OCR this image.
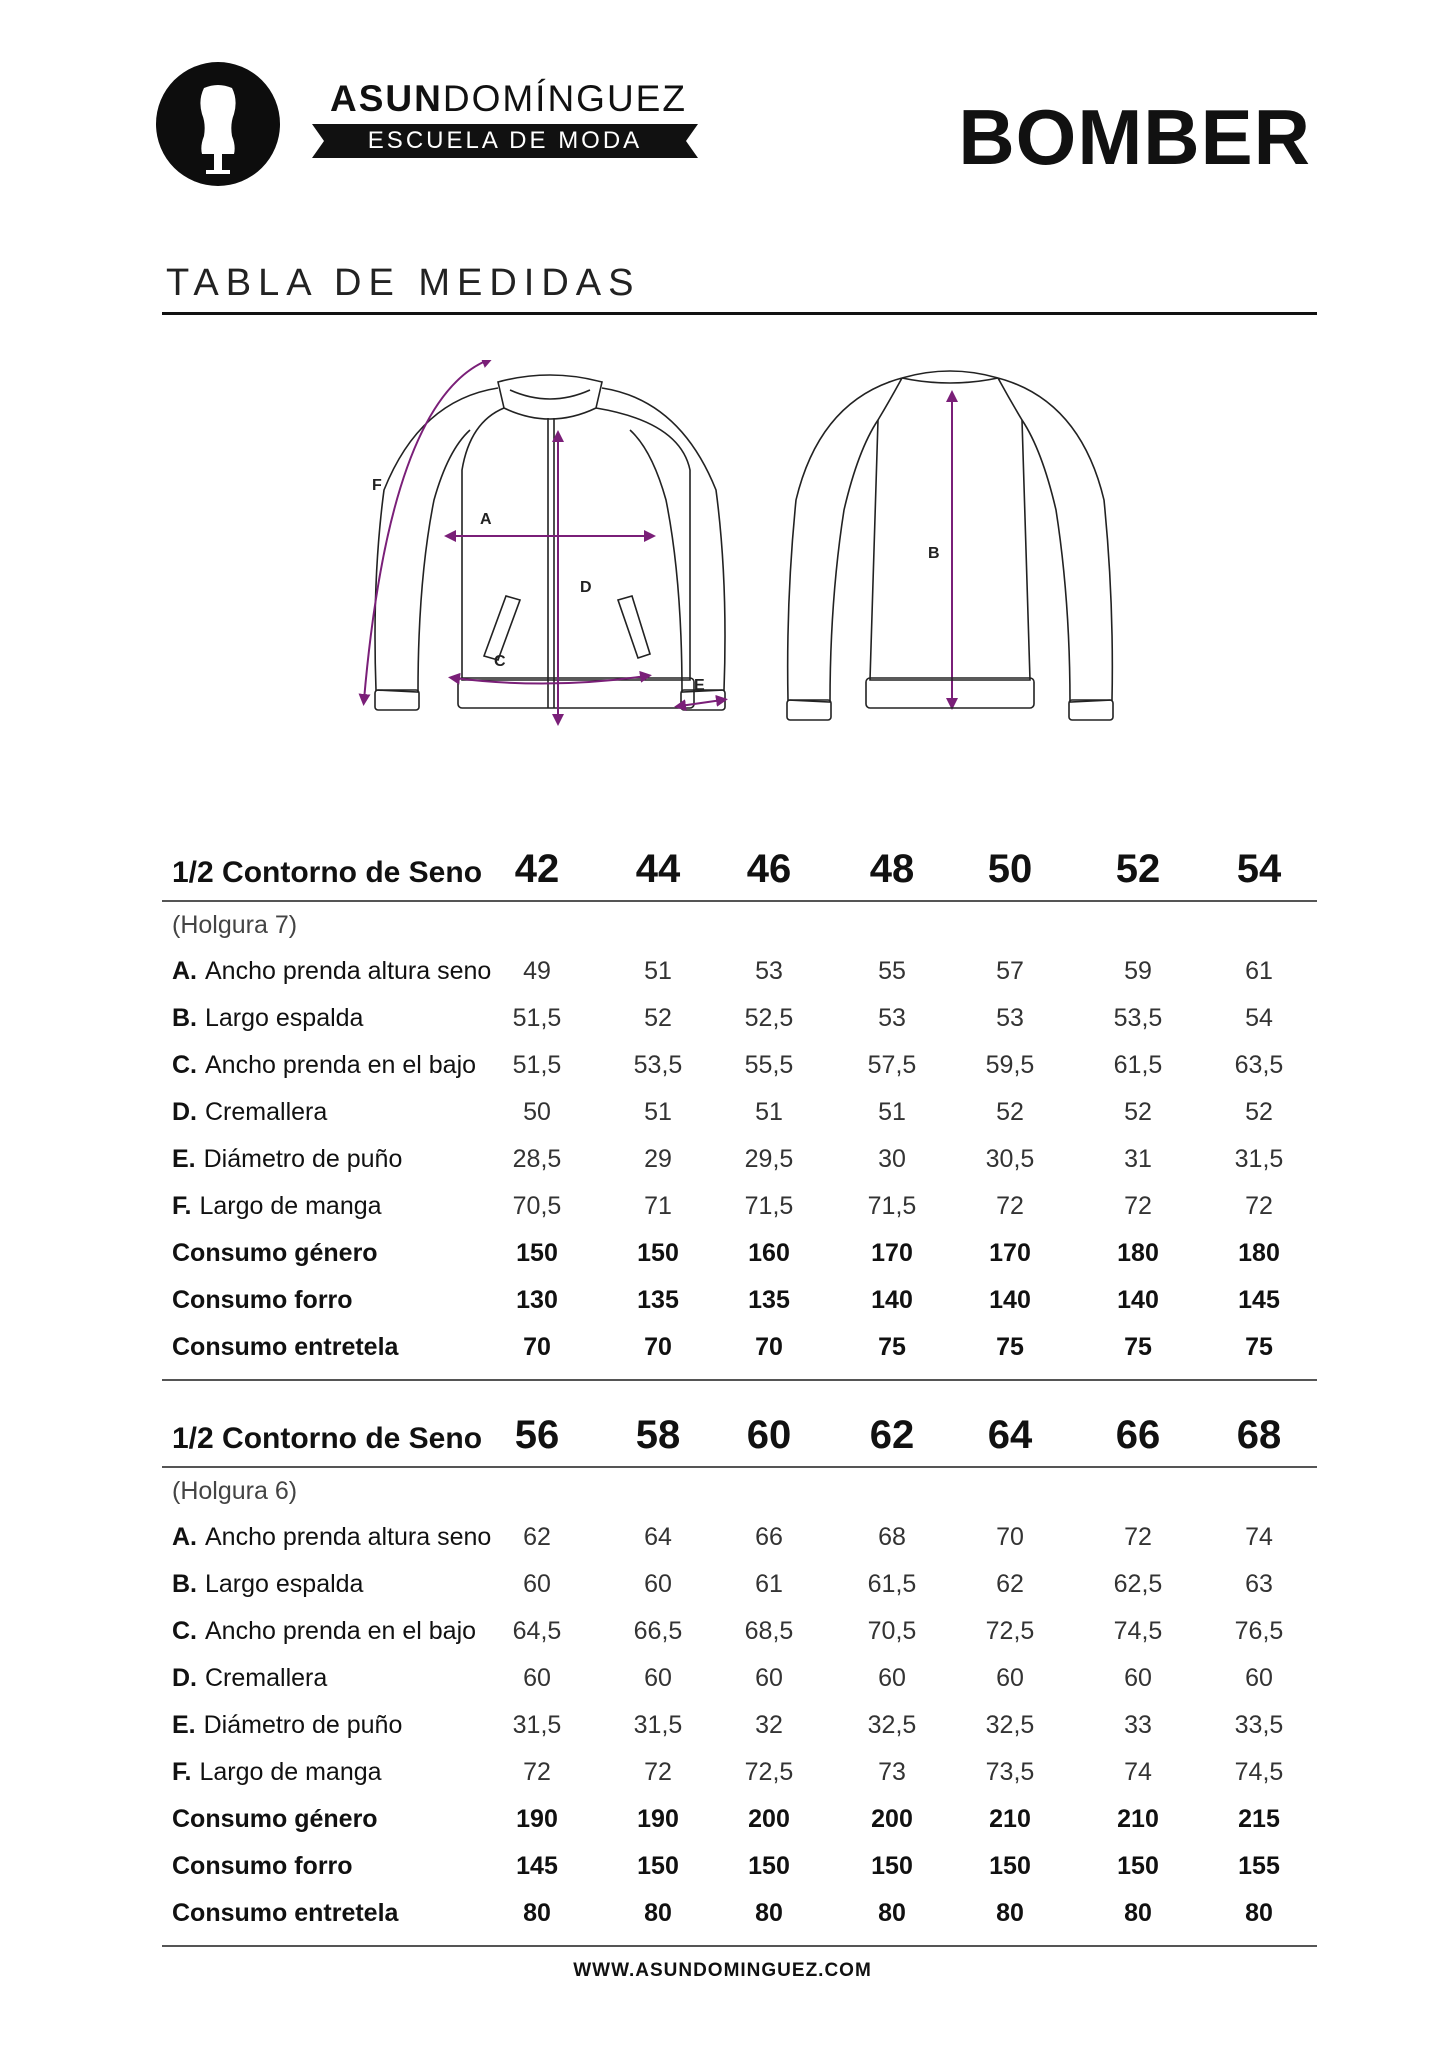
ASUNDOMÍNGUEZ
ESCUELA DE MODA	BOMBER
TABLA DE MEDIDAS
F
A
D
C
E
B
1/2 Contorno de Seno 42	44	46	48	50	52	54
(Holgura 7)
A. Ancho prenda altura seno	49	51	53	55	57	59	61
B. Largo espalda	51,5	52	52,5	53	53	53,5	54
C. Ancho prenda en el bajo	51,5	53,5	55,5	57,5	59,5	61,5	63,5
D. Cremallera	50	51	51	51	52	52	52
E. Diámetro de puño	28,5	29	29,5	30	30,5	31	31,5
F. Largo de manga	70,5	71	71,5	71,5	72	72	72
Consumo género	150	150	160	170	170	180	180
Consumo forro	130	135	135	140	140	140	145
Consumo entretela	70	70	70	75	75	75	75
1/2 Contorno de Seno 56	58	60	62	64	66	68
(Holgura 6)
A. Ancho prenda altura seno	62	64	66	68	70	72	74
B. Largo espalda	60	60	61	61,5	62	62,5	63
C. Ancho prenda en el bajo	64,5	66,5	68,5	70,5	72,5	74,5	76,5
D. Cremallera	60	60	60	60	60	60	60
E. Diámetro de puño	31,5	31,5	32	32,5	32,5	33	33,5
F. Largo de manga	72	72	72,5	73	73,5	74	74,5
Consumo género	190	190	200	200	210	210	215
Consumo forro	145	150	150	150	150	150	155
Consumo entretela	80	80	80	80	80	80	80
WWW.ASUNDOMINGUEZ.COM
